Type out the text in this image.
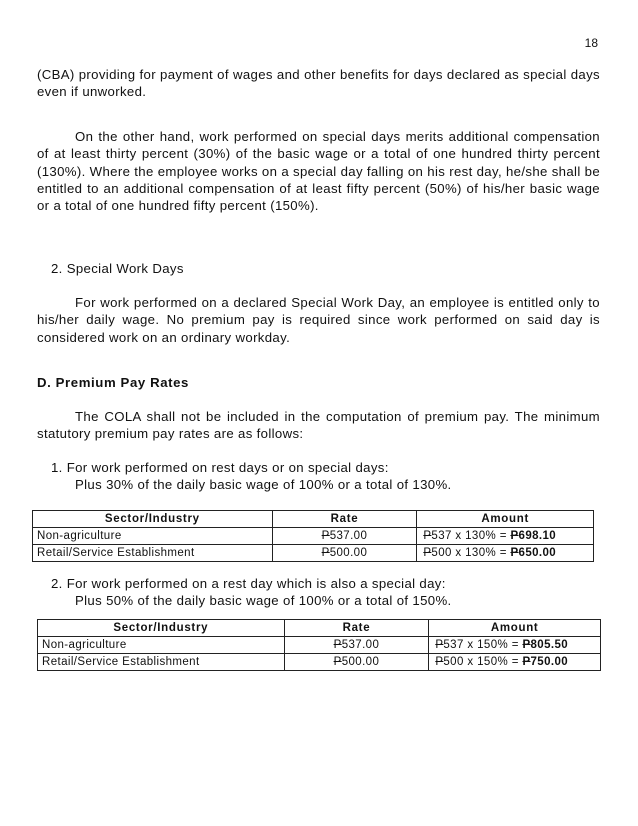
18

(CBA) providing for payment of wages and other benefits for days declared as special days even if unworked.

On the other hand, work performed on special days merits additional compensation of at least thirty percent (30%) of the basic wage or a total of one hundred thirty percent (130%). Where the employee works on a special day falling on his rest day, he/she shall be entitled to an additional compensation of at least fifty percent (50%) of his/her basic wage or a total of one hundred fifty percent (150%).

2. Special Work Days

For work performed on a declared Special Work Day, an employee is entitled only to his/her daily wage. No premium pay is required since work performed on said day is considered work on an ordinary workday.

D. Premium Pay Rates

The COLA shall not be included in the computation of premium pay. The minimum statutory premium pay rates are as follows:

1. For work performed on rest days or on special days:
Plus 30% of the daily basic wage of 100% or a total of 130%.

Sector/Industry	Rate	Amount
Non-agriculture	P537.00	P537 x 130% = P698.10
Retail/Service Establishment	P500.00	P500 x 130% = P650.00

2. For work performed on a rest day which is also a special day:
Plus 50% of the daily basic wage of 100% or a total of 150%.

Sector/Industry	Rate	Amount
Non-agriculture	P537.00	P537 x 150% = P805.50
Retail/Service Establishment	P500.00	P500 x 150% = P750.00
